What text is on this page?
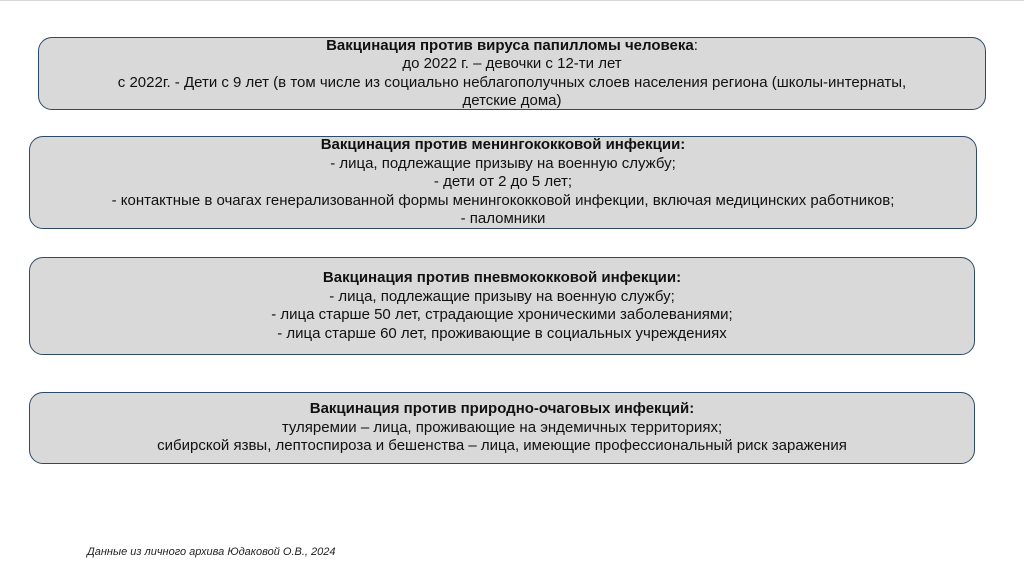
Вакцинация против вируса папилломы человека:
до 2022 г. – девочки с 12-ти лет
с 2022г. - Дети с 9 лет (в том числе из социально неблагополучных слоев населения региона (школы-интернаты,
детские дома)
Вакцинация против менингококковой инфекции:
- лица, подлежащие призыву на военную службу;
- дети от 2 до 5 лет;
- контактные в очагах генерализованной формы менингококковой инфекции, включая медицинских работников;
- паломники
Вакцинация против пневмококковой инфекции:
- лица, подлежащие призыву на военную службу;
- лица старше 50 лет, страдающие хроническими заболеваниями;
- лица старше 60 лет, проживающие в социальных учреждениях
Вакцинация против природно-очаговых инфекций:
туляремии – лица, проживающие на эндемичных территориях;
сибирской язвы, лептоспироза и бешенства – лица, имеющие профессиональный риск заражения
Данные из личного архива Юдаковой О.В., 2024
